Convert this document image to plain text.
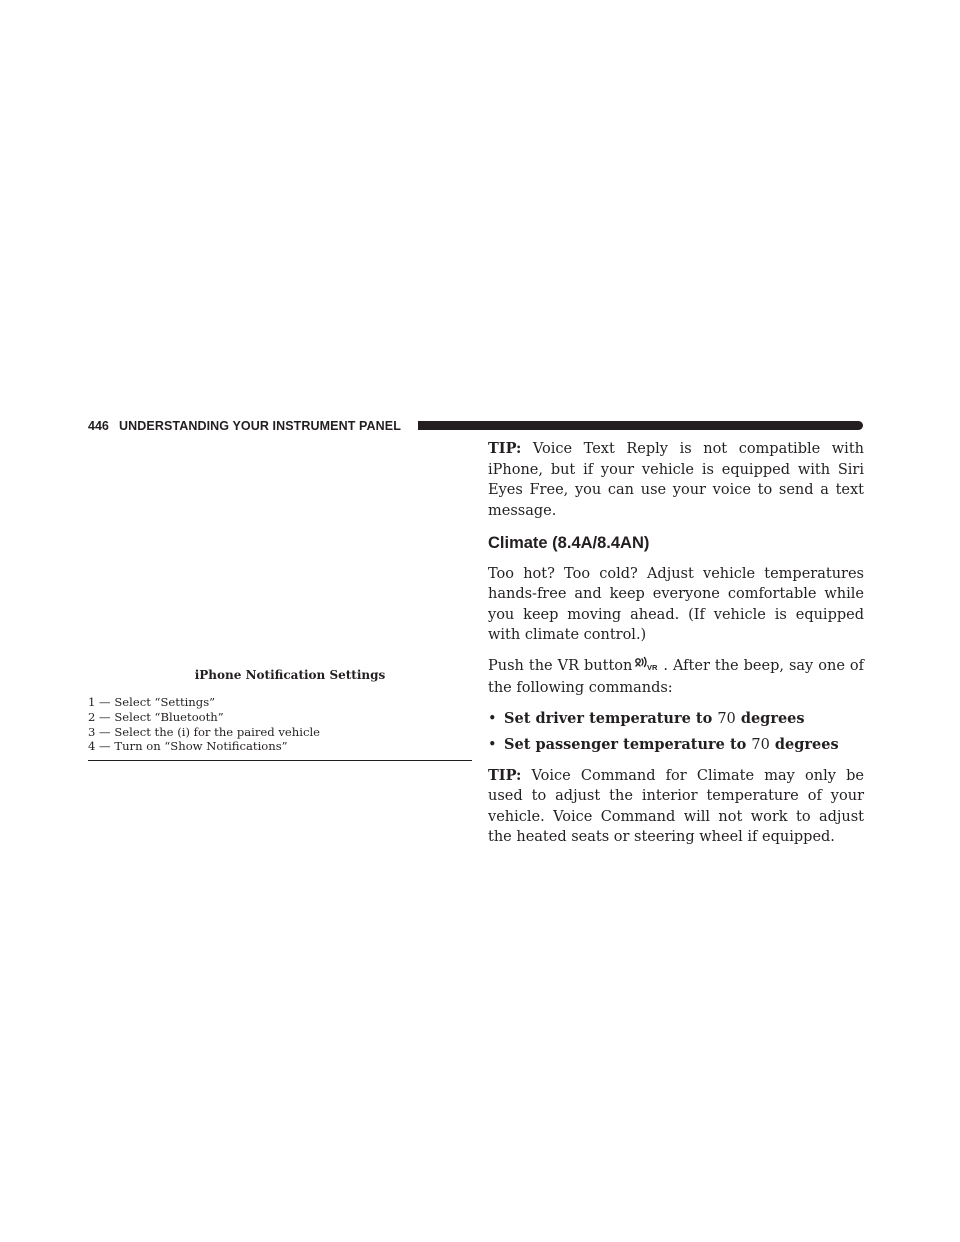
446 UNDERSTANDING YOUR INSTRUMENT PANEL
iPhone Notification Settings
1 — Select “Settings”
2 — Select “Bluetooth”
3 — Select the (i) for the paired vehicle
4 — Turn on “Show Notifications”

TIP: Voice Text Reply is not compatible with iPhone, but if your vehicle is equipped with Siri Eyes Free, you can use your voice to send a text message.

Climate (8.4A/8.4AN)

Too hot? Too cold? Adjust vehicle temperatures hands-free and keep everyone comfortable while you keep moving ahead. (If vehicle is equipped with climate control.)

Push the VR button VR . After the beep, say one of the following commands:

• Set driver temperature to 70 degrees
• Set passenger temperature to 70 degrees

TIP: Voice Command for Climate may only be used to adjust the interior temperature of your vehicle. Voice Command will not work to adjust the heated seats or steering wheel if equipped.
